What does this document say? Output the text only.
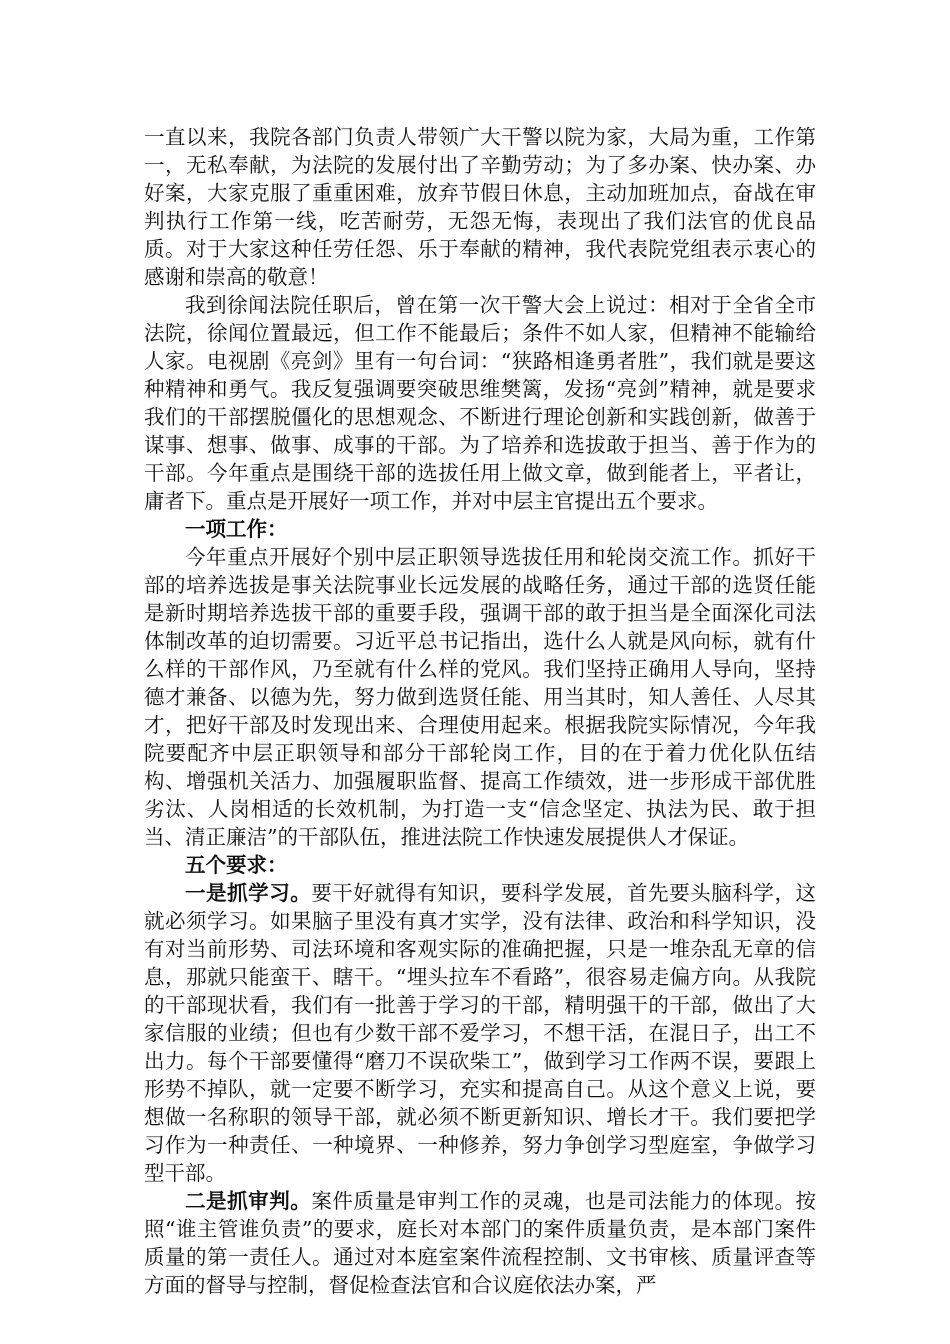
一直以来，我院各部门负责人带领广大干警以院为家，大局为重，工作第一，无私奉献，为法院的发展付出了辛勤劳动；为了多办案、快办案、办好案，大家克服了重重困难，放弃节假日休息，主动加班加点，奋战在审判执行工作第一线，吃苦耐劳，无怨无悔，表现出了我们法官的优良品质。对于大家这种任劳任怨、乐于奉献的精神，我代表院党组表示衷心的感谢和崇高的敬意！

我到徐闻法院任职后，曾在第一次干警大会上说过：相对于全省全市法院，徐闻位置最远，但工作不能最后；条件不如人家，但精神不能输给人家。电视剧《亮剑》里有一句台词：“狭路相逢勇者胜”，我们就是要这种精神和勇气。我反复强调要突破思维樊篱，发扬“亮剑”精神，就是要求我们的干部摆脱僵化的思想观念、不断进行理论创新和实践创新，做善于谋事、想事、做事、成事的干部。为了培养和选拔敢于担当、善于作为的干部。今年重点是围绕干部的选拔任用上做文章，做到能者上，平者让，庸者下。重点是开展好一项工作，并对中层主官提出五个要求。

一项工作：

今年重点开展好个别中层正职领导选拔任用和轮岗交流工作。抓好干部的培养选拔是事关法院事业长远发展的战略任务，通过干部的选贤任能是新时期培养选拔干部的重要手段，强调干部的敢于担当是全面深化司法体制改革的迫切需要。习近平总书记指出，选什么人就是风向标，就有什么样的干部作风，乃至就有什么样的党风。我们坚持正确用人导向，坚持德才兼备、以德为先，努力做到选贤任能、用当其时，知人善任、人尽其才，把好干部及时发现出来、合理使用起来。根据我院实际情况，今年我院要配齐中层正职领导和部分干部轮岗工作，目的在于着力优化队伍结构、增强机关活力、加强履职监督、提高工作绩效，进一步形成干部优胜劣汰、人岗相适的长效机制，为打造一支“信念坚定、执法为民、敢于担当、清正廉洁”的干部队伍，推进法院工作快速发展提供人才保证。

五个要求：

一是抓学习。要干好就得有知识，要科学发展，首先要头脑科学，这就必须学习。如果脑子里没有真才实学，没有法律、政治和科学知识，没有对当前形势、司法环境和客观实际的准确把握，只是一堆杂乱无章的信息，那就只能蛮干、瞎干。“埋头拉车不看路”，很容易走偏方向。从我院的干部现状看，我们有一批善于学习的干部，精明强干的干部，做出了大家信服的业绩；但也有少数干部不爱学习，不想干活，在混日子，出工不出力。每个干部要懂得“磨刀不误砍柴工”，做到学习工作两不误，要跟上形势不掉队，就一定要不断学习，充实和提高自己。从这个意义上说，要想做一名称职的领导干部，就必须不断更新知识、增长才干。我们要把学习作为一种责任、一种境界、一种修养，努力争创学习型庭室，争做学习型干部。

二是抓审判。案件质量是审判工作的灵魂，也是司法能力的体现。按照“谁主管谁负责”的要求，庭长对本部门的案件质量负责，是本部门案件质量的第一责任人。通过对本庭室案件流程控制、文书审核、质量评查等方面的督导与控制，督促检查法官和合议庭依法办案，严
